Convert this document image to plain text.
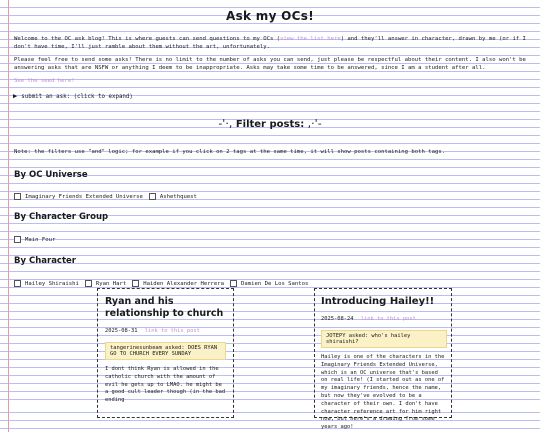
Ask my OCs!
Welcome to the OC ask blog! This is where guests can send questions to my OCs (view the list here) and they'll answer in character, drawn by me (or if I don't have time, I'll just ramble about them without the art, unfortunately.
Please feel free to send some asks! There is no limit to the number of asks you can send, just please be respectful about their content. I also won't be answering asks that are NSFW or anything I deem to be inappropriate. Asks may take some time to be answered, since I am a student after all.
See the seed here!
▶ submit an ask: (click to expand)
-'·, Filter posts: ,·'-
Note: the filters use "and" logic; for example if you click on 2 tags at the same time, it will show posts containing both tags.
By OC Universe
Imaginary Friends Extended Universe	Ashethquest
By Character Group
Main Four
By Character
Hailey Shiraishi	Ryan Hart	Haiden Alexander Herrera	Damien De Los Santos
Ryan and his relationship to church
2025-08-31 link to this post
tangerinesunbeam asked: DOES RYAN GO TO CHURCH EVERY SUNDAY
I dont think Ryan is allowed in the catholic church with the amount of evil he gets up to LMAO. he might be a good cult leader though (in the bad ending
Introducing Hailey!!
2025-08-24 link to this post
JOTEPY asked: who's hailey shiraishi?
Hailey is one of the characters in the Imaginary Friends Extended Universe, which is an OC universe that's based on real life! (I started out as one of my imaginary friends, hence the name, but now they've evolved to be a character of their own. I don't have character reference art for him right now, but here's a drawing from some years ago!
